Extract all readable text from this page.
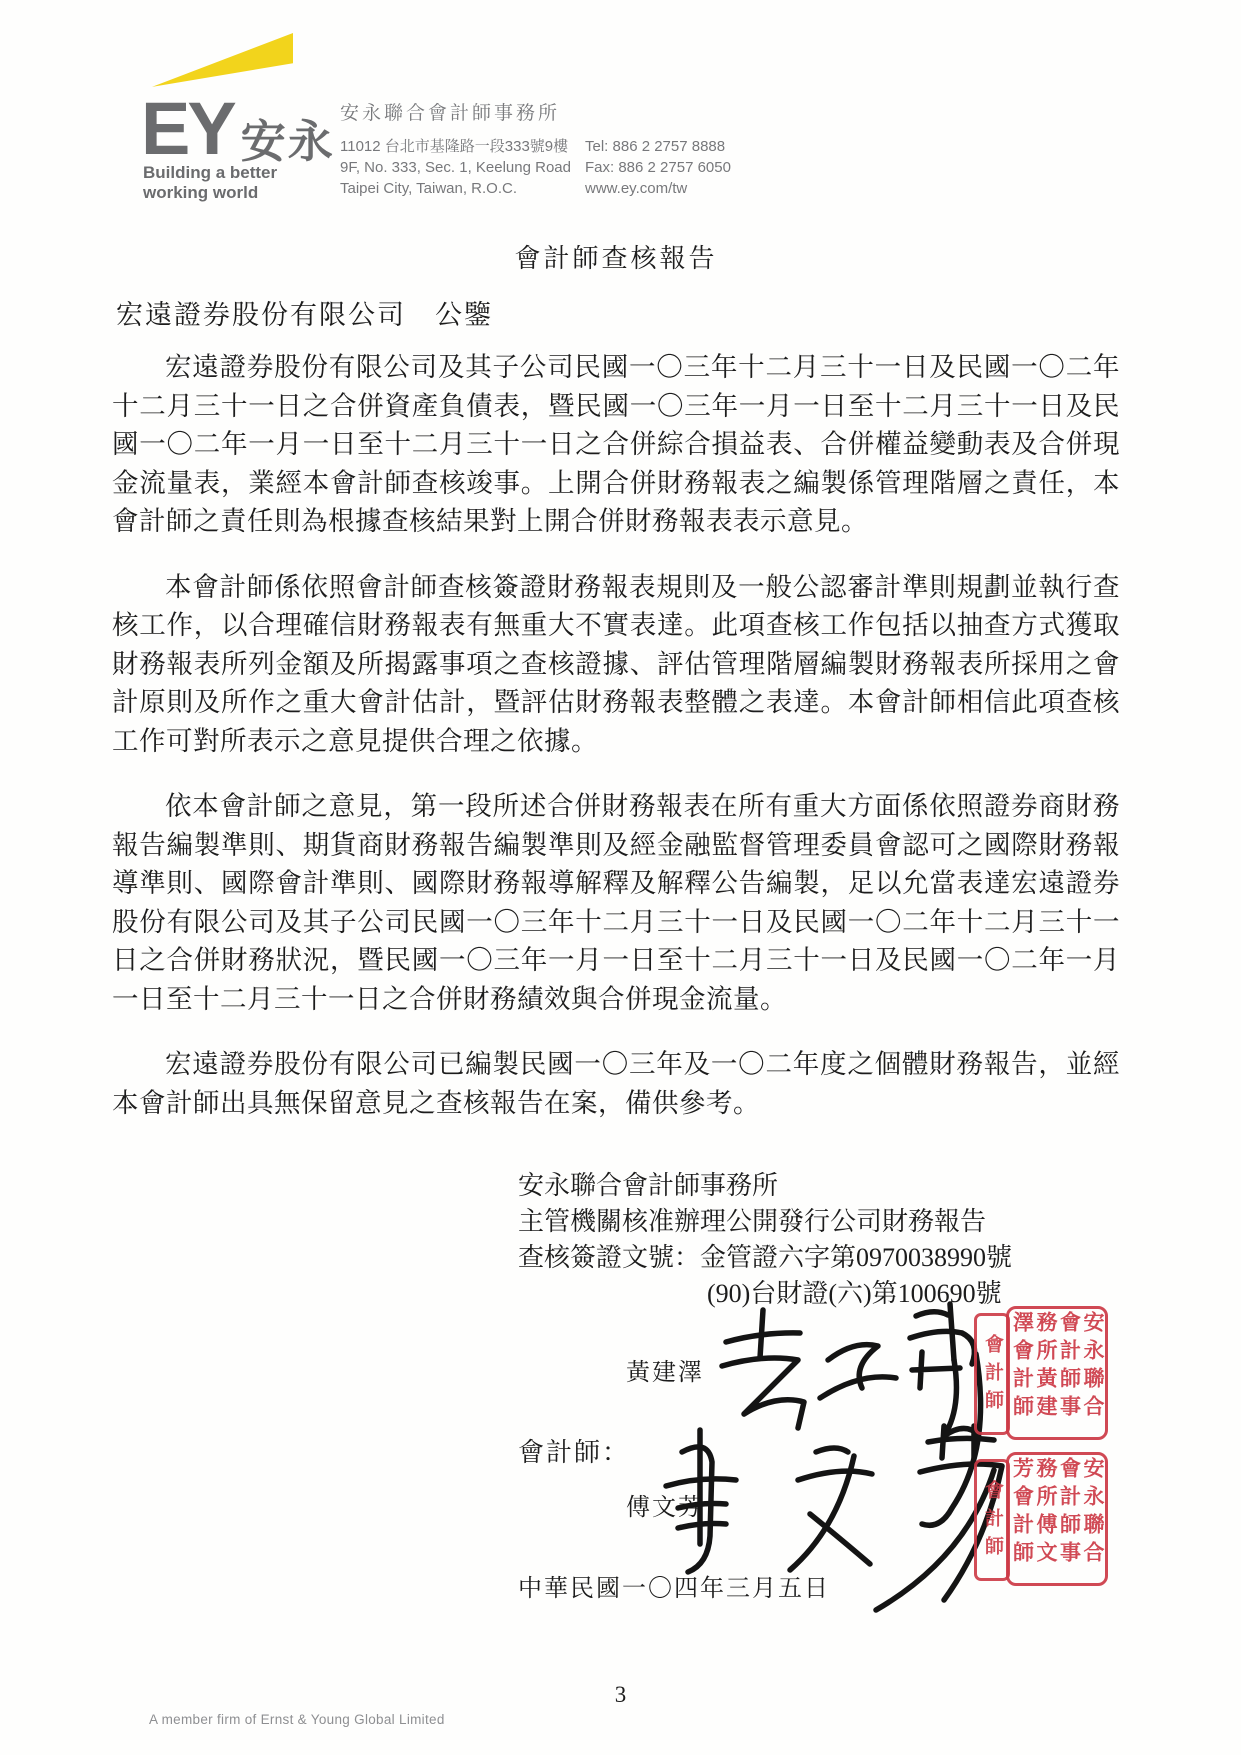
EY 安永
Building a better
working world
安永聯合會計師事務所
11012 台北市基隆路一段333號9樓
9F, No. 333, Sec. 1, Keelung Road
Taipei City, Taiwan, R.O.C.
Tel: 886 2 2757 8888
Fax: 886 2 2757 6050
www.ey.com/tw
會計師查核報告
宏遠證券股份有限公司　公鑒

宏遠證券股份有限公司及其子公司民國一〇三年十二月三十一日及民國一〇二年十二月三十一日之合併資產負債表，暨民國一〇三年一月一日至十二月三十一日及民國一〇二年一月一日至十二月三十一日之合併綜合損益表、合併權益變動表及合併現金流量表，業經本會計師查核竣事。上開合併財務報表之編製係管理階層之責任，本會計師之責任則為根據查核結果對上開合併財務報表表示意見。

本會計師係依照會計師查核簽證財務報表規則及一般公認審計準則規劃並執行查核工作，以合理確信財務報表有無重大不實表達。此項查核工作包括以抽查方式獲取財務報表所列金額及所揭露事項之查核證據、評估管理階層編製財務報表所採用之會計原則及所作之重大會計估計，暨評估財務報表整體之表達。本會計師相信此項查核工作可對所表示之意見提供合理之依據。

依本會計師之意見，第一段所述合併財務報表在所有重大方面係依照證券商財務報告編製準則、期貨商財務報告編製準則及經金融監督管理委員會認可之國際財務報導準則、國際會計準則、國際財務報導解釋及解釋公告編製，足以允當表達宏遠證券股份有限公司及其子公司民國一〇三年十二月三十一日及民國一〇二年十二月三十一日之合併財務狀況，暨民國一〇三年一月一日至十二月三十一日及民國一〇二年一月一日至十二月三十一日之合併財務績效與合併現金流量。

宏遠證券股份有限公司已編製民國一〇三年及一〇二年度之個體財務報告，並經本會計師出具無保留意見之查核報告在案，備供參考。

安永聯合會計師事務所
主管機關核准辦理公開發行公司財務報告
查核簽證文號：金管證六字第0970038990號
(90)台財證(六)第100690號
黃建澤
會計師：
傅文芳
中華民國一〇四年三月五日
會計師	安永聯合會計師事務所黃建澤會計師
會計師	安永聯合會計師事務所傅文芳會計師
A member firm of Ernst & Young Global Limited
3
